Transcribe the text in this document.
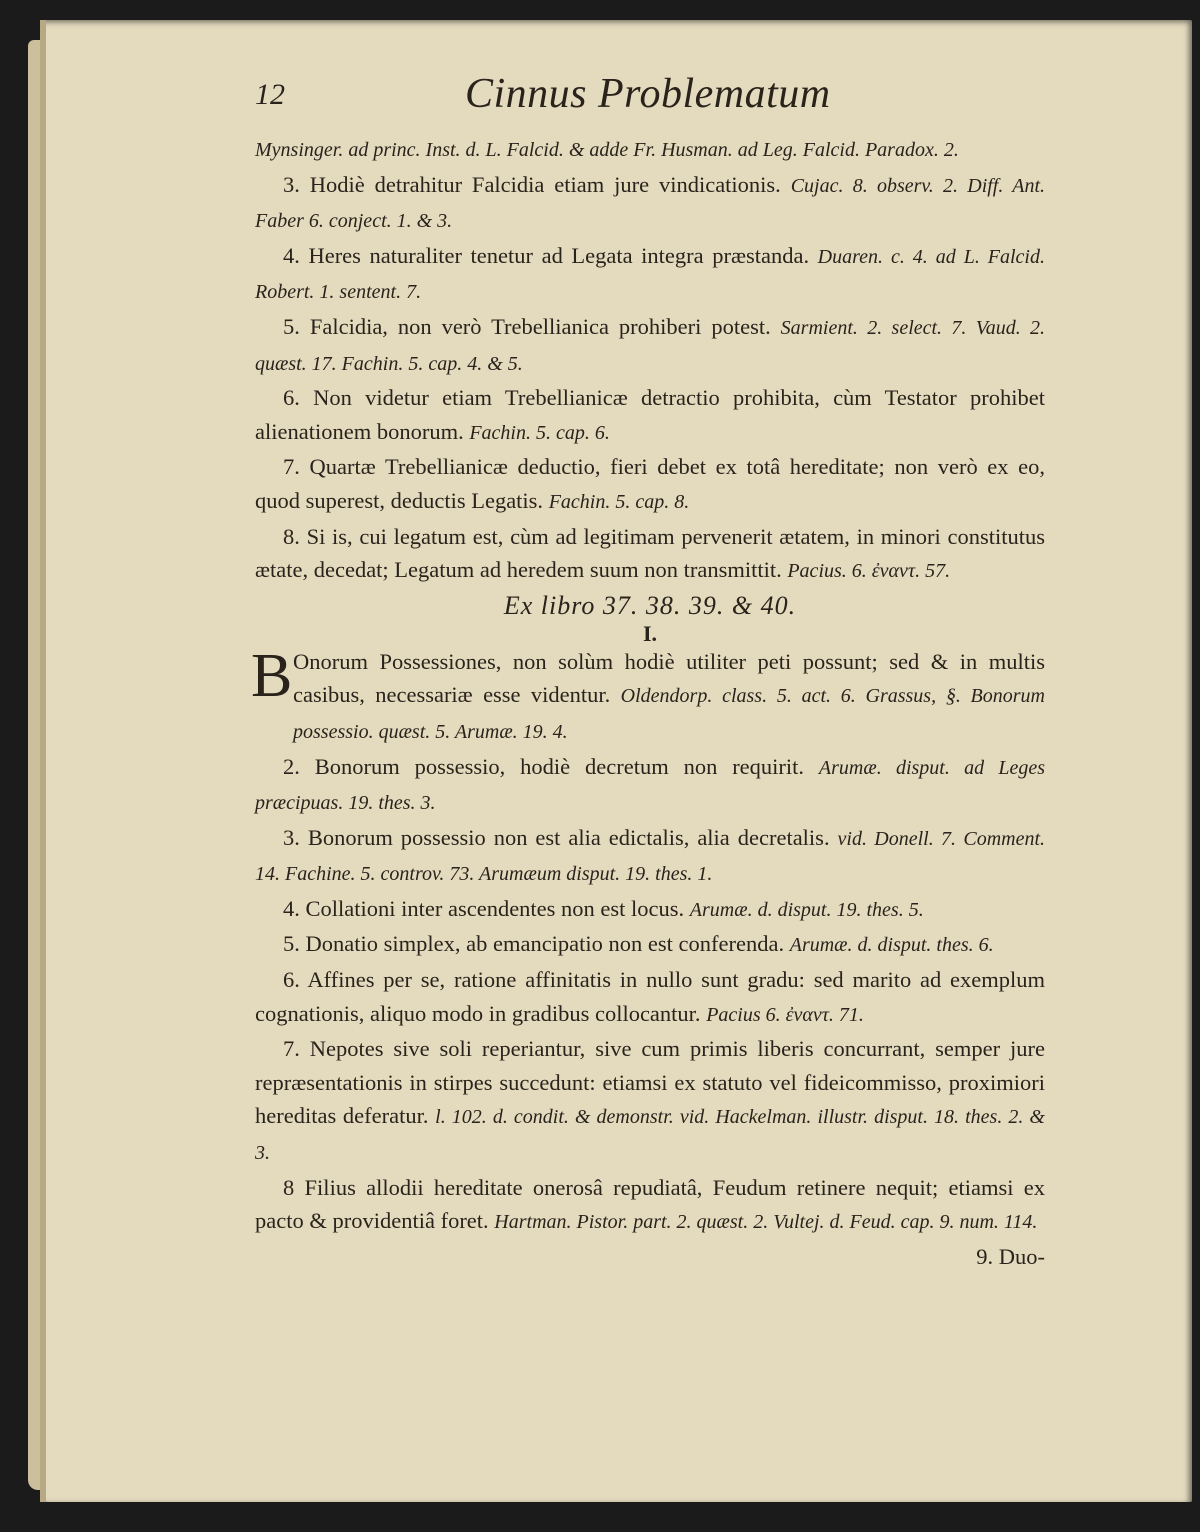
12	Cinnus Problematum

Mynsinger. ad princ. Inst. d. L. Falcid. & adde Fr. Husman. ad Leg. Falcid. Paradox. 2.

3. Hodiè detrahitur Falcidia etiam jure vindicationis. Cujac. 8. observ. 2. Diff. Ant. Faber 6. conject. 1. & 3.

4. Heres naturaliter tenetur ad Legata integra præstanda. Duaren. c. 4. ad L. Falcid. Robert. 1. sentent. 7.

5. Falcidia, non verò Trebellianica prohiberi potest. Sarmient. 2. select. 7. Vaud. 2. quæst. 17. Fachin. 5. cap. 4. & 5.

6. Non videtur etiam Trebellianicæ detractio prohibita, cùm Testator prohibet alienationem bonorum. Fachin. 5. cap. 6.

7. Quartæ Trebellianicæ deductio, fieri debet ex totâ hereditate; non verò ex eo, quod superest, deductis Legatis. Fachin. 5. cap. 8.

8. Si is, cui legatum est, cùm ad legitimam pervenerit ætatem, in minori constitutus ætate, decedat; Legatum ad heredem suum non transmittit. Pacius. 6. ἐναντ. 57.

Ex libro 37. 38. 39. & 40.
I.

B Onorum Possessiones, non solùm hodiè utiliter peti possunt; sed & in multis casibus, necessariæ esse videntur. Oldendorp. class. 5. act. 6. Grassus, §. Bonorum possessio. quæst. 5. Arumæ. 19. 4.

2. Bonorum possessio, hodiè decretum non requirit. Arumæ. disput. ad Leges præcipuas. 19. thes. 3.

3. Bonorum possessio non est alia edictalis, alia decretalis. vid. Donell. 7. Comment. 14. Fachine. 5. controv. 73. Arumæum disput. 19. thes. 1.

4. Collationi inter ascendentes non est locus. Arumæ. d. disput. 19. thes. 5.

5. Donatio simplex, ab emancipatio non est conferenda. Arumæ. d. disput. thes. 6.

6. Affines per se, ratione affinitatis in nullo sunt gradu: sed marito ad exemplum cognationis, aliquo modo in gradibus collocantur. Pacius 6. ἐναντ. 71.

7. Nepotes sive soli reperiantur, sive cum primis liberis concurrant, semper jure repræsentationis in stirpes succedunt: etiamsi ex statuto vel fideicommisso, proximiori hereditas deferatur. l. 102. d. condit. & demonstr. vid. Hackelman. illustr. disput. 18. thes. 2. & 3.

8 Filius allodii hereditate onerosâ repudiatâ, Feudum retinere nequit; etiamsi ex pacto & providentiâ foret. Hartman. Pistor. part. 2. quæst. 2. Vultej. d. Feud. cap. 9. num. 114.

9. Duo-
